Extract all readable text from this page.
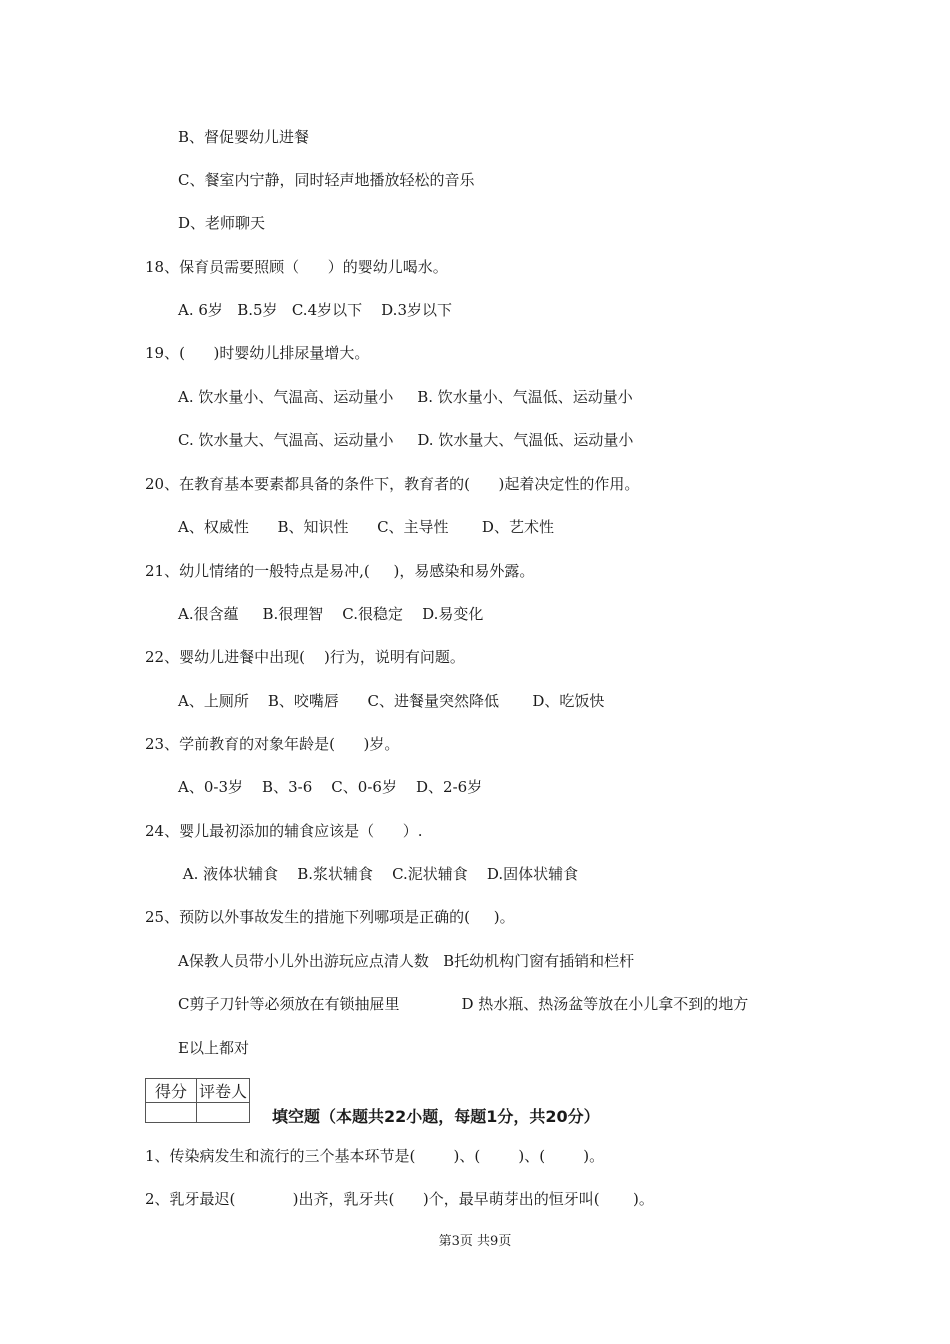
B、督促婴幼儿进餐
C、餐室内宁静，同时轻声地播放轻松的音乐
D、老师聊天
18、保育员需要照顾（      ）的婴幼儿喝水。
A. 6岁   B.5岁   C.4岁以下    D.3岁以下
19、(      )时婴幼儿排尿量增大。
A. 饮水量小、气温高、运动量小     B. 饮水量小、气温低、运动量小
C. 饮水量大、气温高、运动量小     D. 饮水量大、气温低、运动量小
20、在教育基本要素都具备的条件下，教育者的(      )起着决定性的作用。
A、权威性      B、知识性      C、主导性       D、艺术性
21、幼儿情绪的一般特点是易冲,(     )，易感染和易外露。
A.很含蕴     B.很理智    C.很稳定    D.易变化
22、婴幼儿进餐中出现(    )行为，说明有问题。
A、上厕所    B、咬嘴唇      C、进餐量突然降低       D、吃饭快
23、学前教育的对象年龄是(      )岁。
A、0-3岁    B、3-6    C、0-6岁    D、2-6岁
24、婴儿最初添加的辅食应该是（      ）.
A. 液体状辅食    B.浆状辅食    C.泥状辅食    D.固体状辅食
25、预防以外事故发生的措施下列哪项是正确的(     )。
A保教人员带小儿外出游玩应点清人数   B托幼机构门窗有插销和栏杆
C剪子刀针等必须放在有锁抽屉里             D 热水瓶、热汤盆等放在小儿拿不到的地方
E以上都对
得分	评卷人

填空题（本题共22小题，每题1分，共20分）
1、传染病发生和流行的三个基本环节是(        )、(        )、(        )。
2、乳牙最迟(            )出齐，乳牙共(      )个，最早萌芽出的恒牙叫(       )。
第3页 共9页
